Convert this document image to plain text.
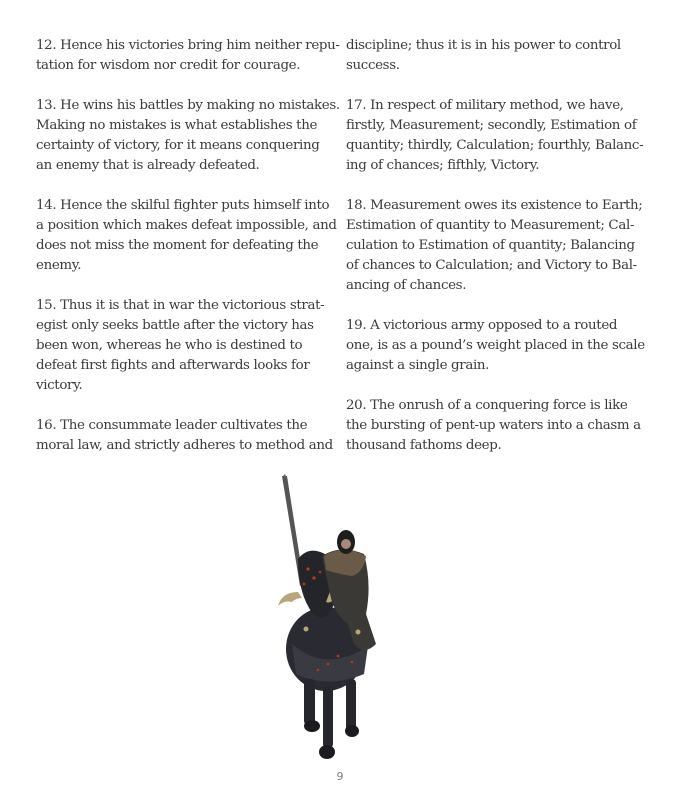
12. Hence his victories bring him neither repu-
tation for wisdom nor credit for courage.

13. He wins his battles by making no mistakes.
Making no mistakes is what establishes the
certainty of victory, for it means conquering
an enemy that is already defeated.

14. Hence the skilful fighter puts himself into
a position which makes defeat impossible, and
does not miss the moment for defeating the
enemy.

15. Thus it is that in war the victorious strat-
egist only seeks battle after the victory has
been won, whereas he who is destined to
defeat first fights and afterwards looks for
victory.

16. The consummate leader cultivates the
moral law, and strictly adheres to method and

discipline; thus it is in his power to control
success.

17. In respect of military method, we have,
firstly, Measurement; secondly, Estimation of
quantity; thirdly, Calculation; fourthly, Balanc-
ing of chances; fifthly, Victory.

18. Measurement owes its existence to Earth;
Estimation of quantity to Measurement; Cal-
culation to Estimation of quantity; Balancing
of chances to Calculation; and Victory to Bal-
ancing of chances.

19. A victorious army opposed to a routed
one, is as a pound’s weight placed in the scale
against a single grain.

20. The onrush of a conquering force is like
the bursting of pent-up waters into a chasm a
thousand fathoms deep.

9
